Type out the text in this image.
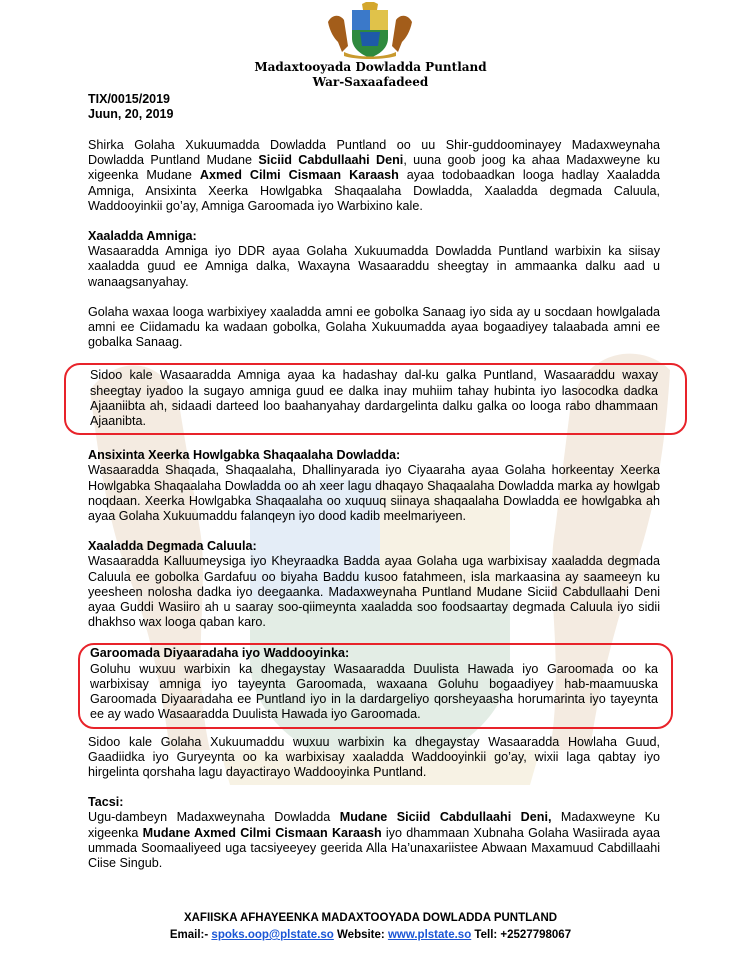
Madaxtooyada Dowladda Puntland
War-Saxaafadeed
TIX/0015/2019
Juun, 20, 2019

Shirka Golaha Xukuumadda Dowladda Puntland oo uu Shir-guddoominayey Madaxweynaha Dowladda Puntland Mudane Siciid Cabdullaahi Deni, uuna goob joog ka ahaa Madaxweyne ku xigeenka Mudane Axmed Cilmi Cismaan Karaash ayaa todobaadkan looga hadlay Xaaladda Amniga, Ansixinta Xeerka Howlgabka Shaqaalaha Dowladda, Xaaladda degmada Caluula, Waddooyinkii go’ay, Amniga Garoomada iyo Warbixino kale.

Xaaladda Amniga:

Wasaaradda Amniga iyo DDR ayaa Golaha Xukuumadda Dowladda Puntland warbixin ka siisay xaaladda guud ee Amniga dalka, Waxayna Wasaaraddu sheegtay in ammaanka dalku aad u wanaagsanyahay.

Golaha waxaa looga warbixiyey xaaladda amni ee gobolka Sanaag iyo sida ay u socdaan howlgalada amni ee Ciidamadu ka wadaan gobolka, Golaha Xukuumadda ayaa bogaadiyey talaabada amni ee gobalka Sanaag.

Sidoo kale Wasaaradda Amniga ayaa ka hadashay dal-ku galka Puntland, Wasaaraddu waxay sheegtay iyadoo la sugayo amniga guud ee dalka inay muhiim tahay hubinta iyo lasocodka dadka Ajaaniibta ah, sidaadi darteed loo baahanyahay dardargelinta dalku galka oo looga rabo dhammaan Ajaanibta.

Ansixinta Xeerka Howlgabka Shaqaalaha Dowladda:

Wasaaradda Shaqada, Shaqaalaha, Dhallinyarada iyo Ciyaaraha ayaa Golaha horkeentay Xeerka Howlgabka Shaqaalaha Dowladda oo ah xeer lagu dhaqayo Shaqaalaha Dowladda marka ay howlgab noqdaan. Xeerka Howlgabka Shaqaalaha oo xuquuq siinaya shaqaalaha Dowladda ee howlgabka ah ayaa Golaha Xukuumaddu falanqeyn iyo dood kadib meelmariyeen.

Xaaladda Degmada Caluula:

Wasaaradda Kalluumeysiga iyo Kheyraadka Badda ayaa Golaha uga warbixisay xaaladda degmada Caluula ee gobolka Gardafuu oo biyaha Baddu kusoo fatahmeen, isla markaasina ay saameeyn ku yeesheen nolosha dadka iyo deegaanka. Madaxweynaha Puntland Mudane Siciid Cabdullaahi Deni ayaa Guddi Wasiiro ah u saaray soo-qiimeynta xaaladda soo foodsaartay degmada Caluula iyo sidii dhakhso wax looga qaban karo.

Garoomada Diyaaradaha iyo Waddooyinka:

Goluhu wuxuu warbixin ka dhegaystay Wasaaradda Duulista Hawada iyo Garoomada oo ka warbixisay amniga iyo tayeynta Garoomada, waxaana Goluhu bogaadiyey hab-maamuuska Garoomada Diyaaradaha ee Puntland iyo in la dardargeliyo qorsheyaasha horumarinta iyo tayeynta ee ay wado Wasaaradda Duulista Hawada iyo Garoomada.

Sidoo kale Golaha Xukuumaddu wuxuu warbixin ka dhegaystay Wasaaradda Howlaha Guud, Gaadiidka iyo Guryeynta oo ka warbixisay xaaladda Waddooyinkii go’ay, wixii laga qabtay iyo hirgelinta qorshaha lagu dayactirayo Waddooyinka Puntland.

Tacsi:

Ugu-dambeyn Madaxweynaha Dowladda Mudane Siciid Cabdullaahi Deni, Madaxweyne Ku xigeenka Mudane Axmed Cilmi Cismaan Karaash iyo dhammaan Xubnaha Golaha Wasiirada ayaa ummada Soomaaliyeed uga tacsiyeeyey geerida Alla Ha’unaxariistee Abwaan Maxamuud Cabdillaahi Ciise Singub.

XAFIISKA AFHAYEENKA MADAXTOOYADA DOWLADDA PUNTLAND
Email:- spoks.oop@plstate.so Website: www.plstate.so Tell: +2527798067
